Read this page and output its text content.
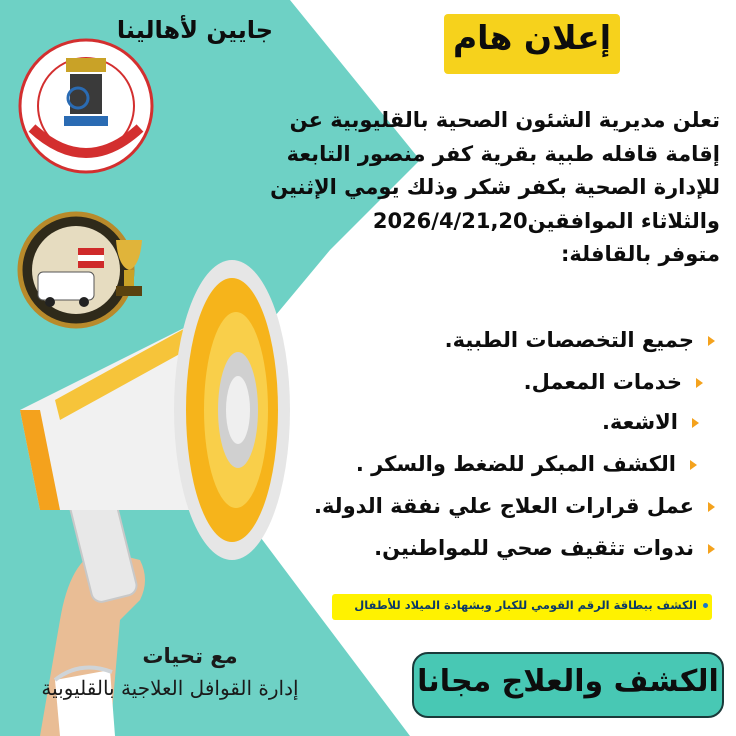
جايين لأهالينا	إعلان هام
تعلن مديرية الشئون الصحية بالقليوبية عن
إقامة قافله طبية بقرية كفر منصور التابعة
للإدارة الصحية بكفر شكر وذلك يومي الإثنين
والثلاثاء الموافقين2026/4/21,20
متوفر بالقافلة:
جميع التخصصات الطبية.
خدمات المعمل.
الاشعة.
الكشف المبكر للضغط والسكر .
عمل قرارات العلاج علي نفقة الدولة.
ندوات تثقيف صحي للمواطنين.
الكشف ببطاقة الرقم القومي للكبار وبشهادة الميلاد للأطفال
الكشف والعلاج مجانا
مع تحيات
إدارة القوافل العلاجية بالقليوبية
